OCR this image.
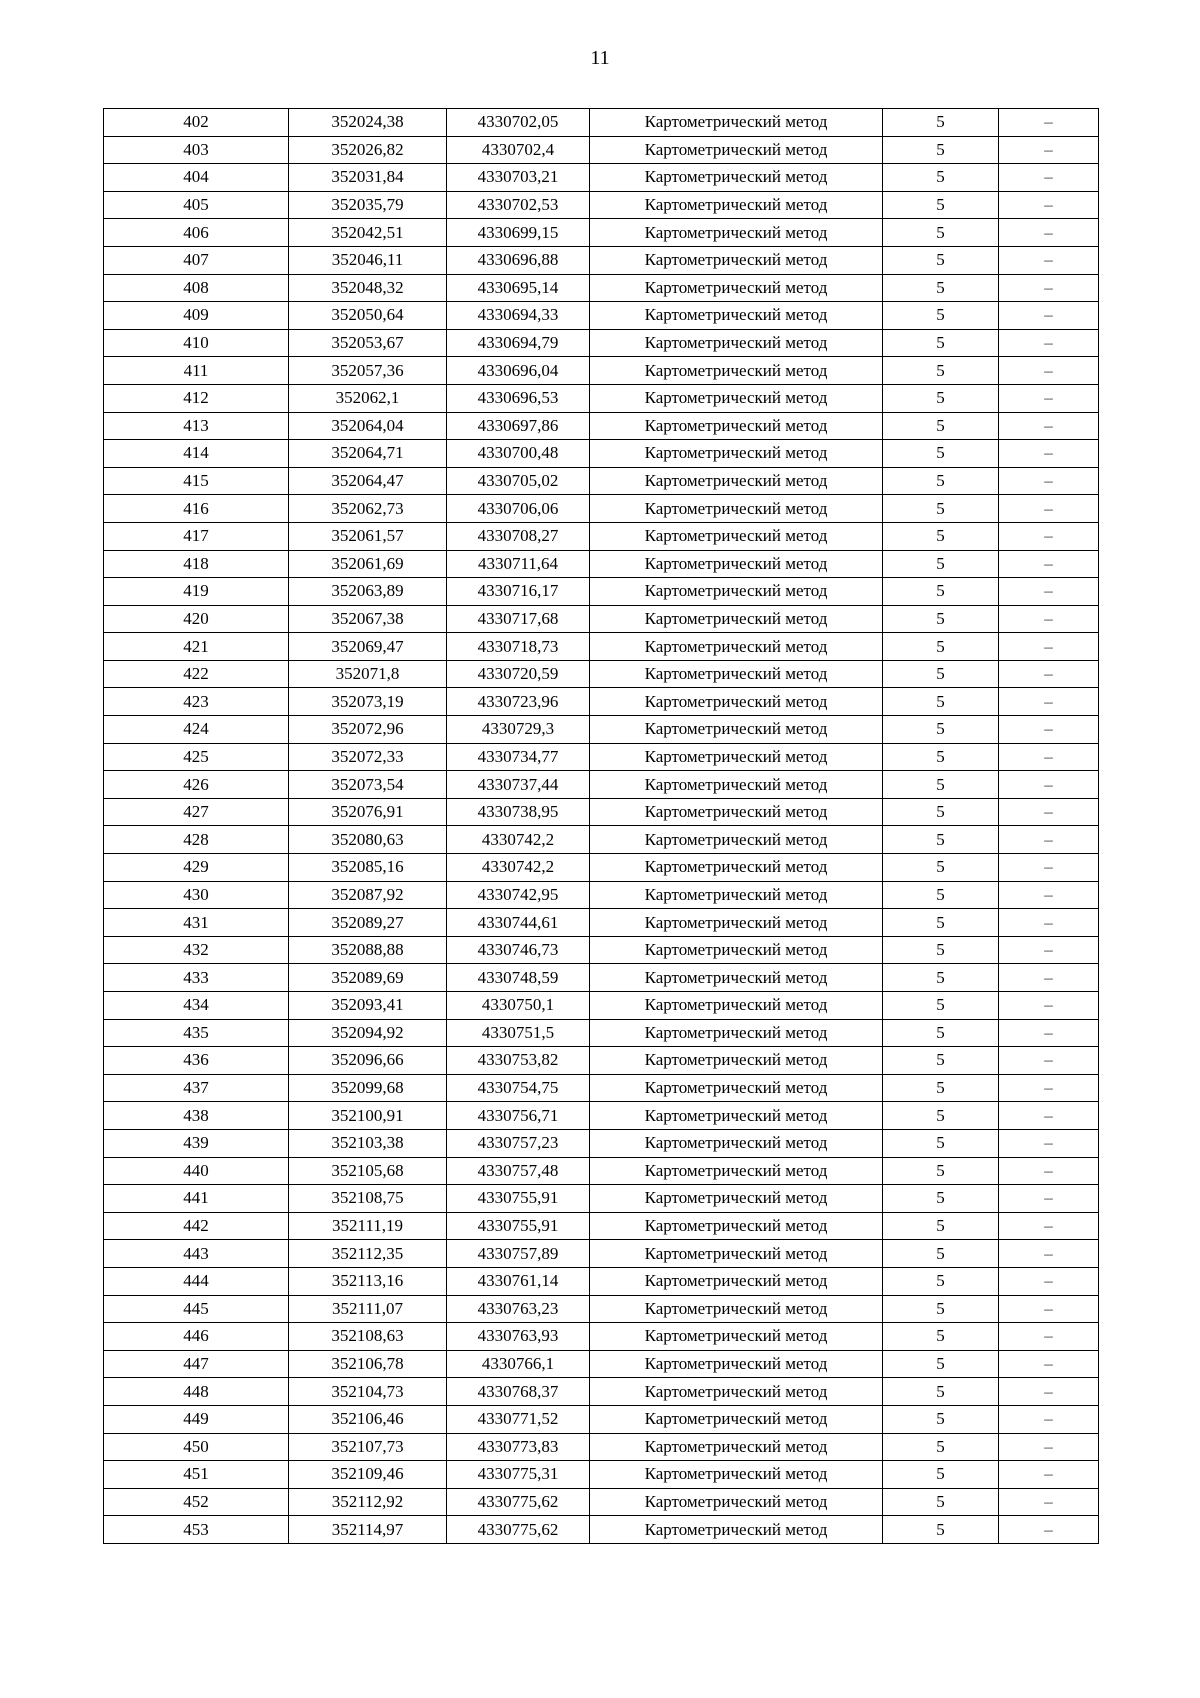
11
402	352024,38	4330702,05	Картометрический метод	5	–
403	352026,82	4330702,4	Картометрический метод	5	–
404	352031,84	4330703,21	Картометрический метод	5	–
405	352035,79	4330702,53	Картометрический метод	5	–
406	352042,51	4330699,15	Картометрический метод	5	–
407	352046,11	4330696,88	Картометрический метод	5	–
408	352048,32	4330695,14	Картометрический метод	5	–
409	352050,64	4330694,33	Картометрический метод	5	–
410	352053,67	4330694,79	Картометрический метод	5	–
411	352057,36	4330696,04	Картометрический метод	5	–
412	352062,1	4330696,53	Картометрический метод	5	–
413	352064,04	4330697,86	Картометрический метод	5	–
414	352064,71	4330700,48	Картометрический метод	5	–
415	352064,47	4330705,02	Картометрический метод	5	–
416	352062,73	4330706,06	Картометрический метод	5	–
417	352061,57	4330708,27	Картометрический метод	5	–
418	352061,69	4330711,64	Картометрический метод	5	–
419	352063,89	4330716,17	Картометрический метод	5	–
420	352067,38	4330717,68	Картометрический метод	5	–
421	352069,47	4330718,73	Картометрический метод	5	–
422	352071,8	4330720,59	Картометрический метод	5	–
423	352073,19	4330723,96	Картометрический метод	5	–
424	352072,96	4330729,3	Картометрический метод	5	–
425	352072,33	4330734,77	Картометрический метод	5	–
426	352073,54	4330737,44	Картометрический метод	5	–
427	352076,91	4330738,95	Картометрический метод	5	–
428	352080,63	4330742,2	Картометрический метод	5	–
429	352085,16	4330742,2	Картометрический метод	5	–
430	352087,92	4330742,95	Картометрический метод	5	–
431	352089,27	4330744,61	Картометрический метод	5	–
432	352088,88	4330746,73	Картометрический метод	5	–
433	352089,69	4330748,59	Картометрический метод	5	–
434	352093,41	4330750,1	Картометрический метод	5	–
435	352094,92	4330751,5	Картометрический метод	5	–
436	352096,66	4330753,82	Картометрический метод	5	–
437	352099,68	4330754,75	Картометрический метод	5	–
438	352100,91	4330756,71	Картометрический метод	5	–
439	352103,38	4330757,23	Картометрический метод	5	–
440	352105,68	4330757,48	Картометрический метод	5	–
441	352108,75	4330755,91	Картометрический метод	5	–
442	352111,19	4330755,91	Картометрический метод	5	–
443	352112,35	4330757,89	Картометрический метод	5	–
444	352113,16	4330761,14	Картометрический метод	5	–
445	352111,07	4330763,23	Картометрический метод	5	–
446	352108,63	4330763,93	Картометрический метод	5	–
447	352106,78	4330766,1	Картометрический метод	5	–
448	352104,73	4330768,37	Картометрический метод	5	–
449	352106,46	4330771,52	Картометрический метод	5	–
450	352107,73	4330773,83	Картометрический метод	5	–
451	352109,46	4330775,31	Картометрический метод	5	–
452	352112,92	4330775,62	Картометрический метод	5	–
453	352114,97	4330775,62	Картометрический метод	5	–
